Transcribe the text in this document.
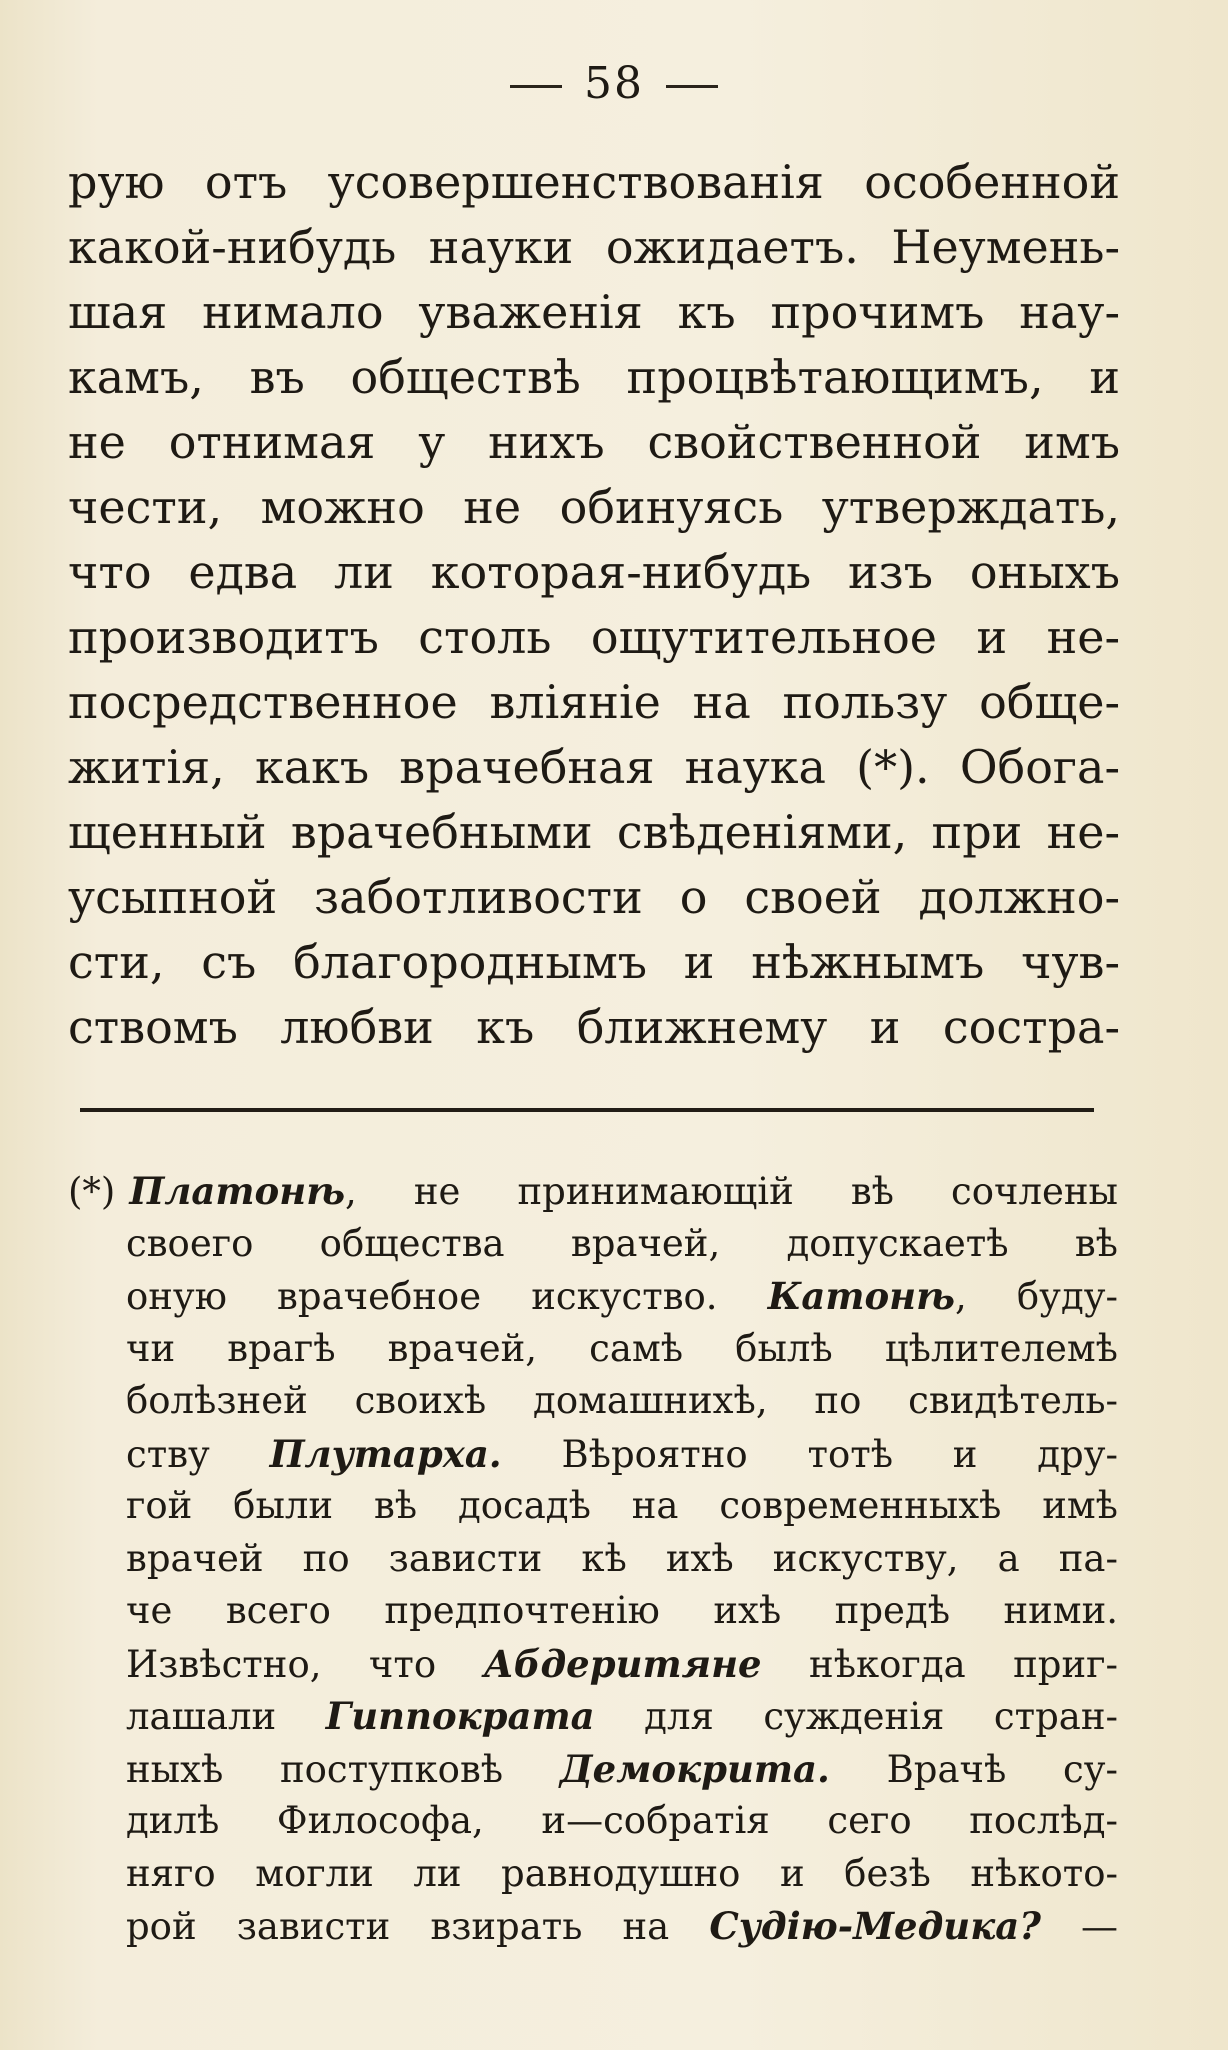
58
рую отъ усовершенствованія особенной
какой-нибудь науки ожидаетъ. Неумень-
шая нимало уваженія къ прочимъ нау-
камъ, въ обществѣ процвѣтающимъ, и
не отнимая у нихъ свойственной имъ
чести, можно не обинуясь утверждать,
что едва ли которая-нибудь изъ оныхъ
производитъ столь ощутительное и не-
посредственное вліяніе на пользу обще-
житія, какъ врачебная наука (*). Обога-
щенный врачебными свѣденіями, при не-
усыпной заботливости о своей должно-
сти, съ благороднымъ и нѣжнымъ чув-
ствомъ любви къ ближнему и сострa-
(*) Платонѣ, не принимающій вѣ сочлены
своего общества врачей, допускаетѣ вѣ
оную врачебное искуство. Катонѣ, буду-
чи врагѣ врачей, самѣ былѣ цѣлителемѣ
болѣзней своихѣ домашнихѣ, по свидѣтель-
ству Плутарха. Вѣроятно тотѣ и дру-
гой были вѣ досадѣ на современныхѣ имѣ
врачей по зависти кѣ ихѣ искуству, а па-
че всего предпочтенію ихѣ предѣ ними.
Извѣстно, что Абдеритяне нѣкогда приг-
лашали Гиппократа для сужденія стран-
ныхѣ поступковѣ Демокрита. Врачѣ су-
дилѣ Философа, и—собратія сего послѣд-
няго могли ли равнодушно и безѣ нѣкото-
рой зависти взирать на Судію-Медика? —
